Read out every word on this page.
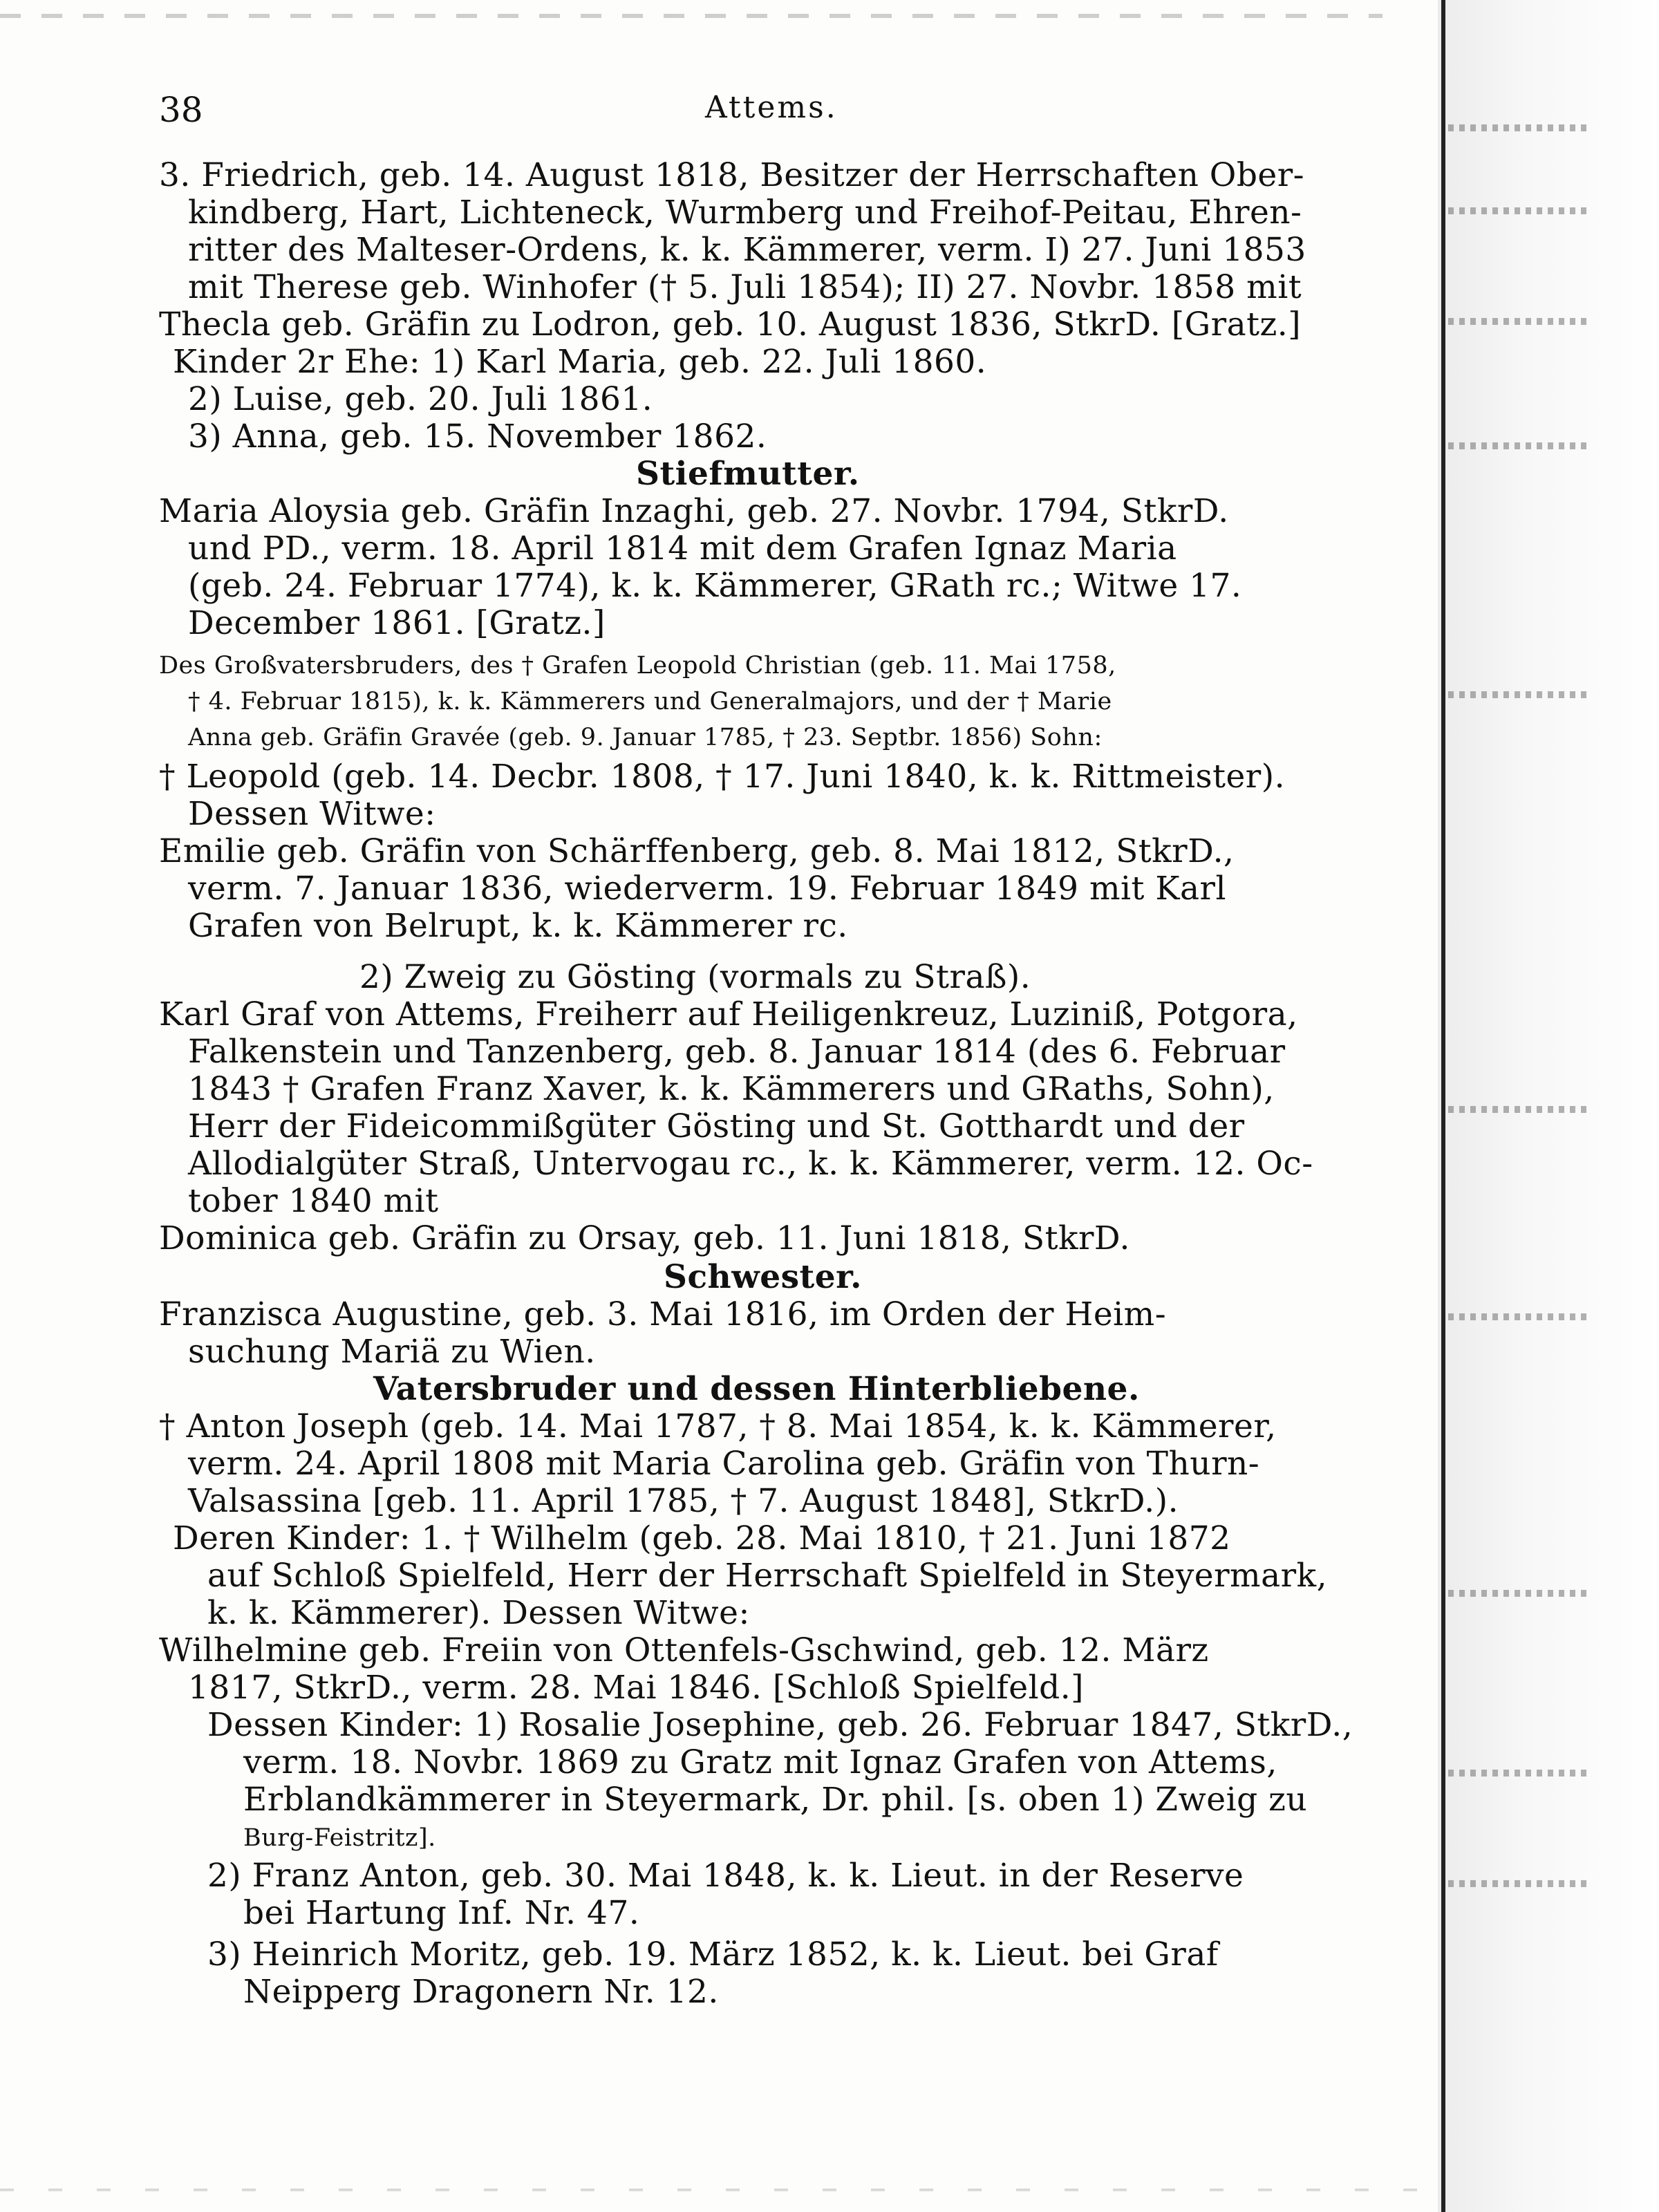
38	Attems.
3. Friedrich, geb. 14. August 1818, Besitzer der Herrschaften Ober-
kindberg, Hart, Lichteneck, Wurmberg und Freihof-Peitau, Ehren-
ritter des Malteser-Ordens, k. k. Kämmerer, verm. I) 27. Juni 1853
mit Therese geb. Winhofer († 5. Juli 1854); II) 27. Novbr. 1858 mit
Thecla geb. Gräfin zu Lodron, geb. 10. August 1836, StkrD. [Gratz.]
Kinder 2r Ehe: 1) Karl Maria, geb. 22. Juli 1860.
2) Luise, geb. 20. Juli 1861.
3) Anna, geb. 15. November 1862.
Stiefmutter.
Maria Aloysia geb. Gräfin Inzaghi, geb. 27. Novbr. 1794, StkrD.
und PD., verm. 18. April 1814 mit dem Grafen Ignaz Maria
(geb. 24. Februar 1774), k. k. Kämmerer, GRath rc.; Witwe 17.
December 1861. [Gratz.]
Des Großvatersbruders, des † Grafen Leopold Christian (geb. 11. Mai 1758,
† 4. Februar 1815), k. k. Kämmerers und Generalmajors, und der † Marie
Anna geb. Gräfin Gravée (geb. 9. Januar 1785, † 23. Septbr. 1856) Sohn:
† Leopold (geb. 14. Decbr. 1808, † 17. Juni 1840, k. k. Rittmeister).
Dessen Witwe:
Emilie geb. Gräfin von Schärffenberg, geb. 8. Mai 1812, StkrD.,
verm. 7. Januar 1836, wiederverm. 19. Februar 1849 mit Karl
Grafen von Belrupt, k. k. Kämmerer rc.
2) Zweig zu Gösting (vormals zu Straß).
Karl Graf von Attems, Freiherr auf Heiligenkreuz, Luziniß, Potgora,
Falkenstein und Tanzenberg, geb. 8. Januar 1814 (des 6. Februar
1843 † Grafen Franz Xaver, k. k. Kämmerers und GRaths, Sohn),
Herr der Fideicommißgüter Gösting und St. Gotthardt und der
Allodialgüter Straß, Untervogau rc., k. k. Kämmerer, verm. 12. Oc-
tober 1840 mit
Dominica geb. Gräfin zu Orsay, geb. 11. Juni 1818, StkrD.
Schwester.
Franzisca Augustine, geb. 3. Mai 1816, im Orden der Heim-
suchung Mariä zu Wien.
Vatersbruder und dessen Hinterbliebene.
† Anton Joseph (geb. 14. Mai 1787, † 8. Mai 1854, k. k. Kämmerer,
verm. 24. April 1808 mit Maria Carolina geb. Gräfin von Thurn-
Valsassina [geb. 11. April 1785, † 7. August 1848], StkrD.).
Deren Kinder: 1. † Wilhelm (geb. 28. Mai 1810, † 21. Juni 1872
auf Schloß Spielfeld, Herr der Herrschaft Spielfeld in Steyermark,
k. k. Kämmerer). Dessen Witwe:
Wilhelmine geb. Freiin von Ottenfels-Gschwind, geb. 12. März
1817, StkrD., verm. 28. Mai 1846. [Schloß Spielfeld.]
Dessen Kinder: 1) Rosalie Josephine, geb. 26. Februar 1847, StkrD.,
verm. 18. Novbr. 1869 zu Gratz mit Ignaz Grafen von Attems,
Erblandkämmerer in Steyermark, Dr. phil. [s. oben 1) Zweig zu
Burg-Feistritz].
2) Franz Anton, geb. 30. Mai 1848, k. k. Lieut. in der Reserve
bei Hartung Inf. Nr. 47.
3) Heinrich Moritz, geb. 19. März 1852, k. k. Lieut. bei Graf
Neipperg Dragonern Nr. 12.
